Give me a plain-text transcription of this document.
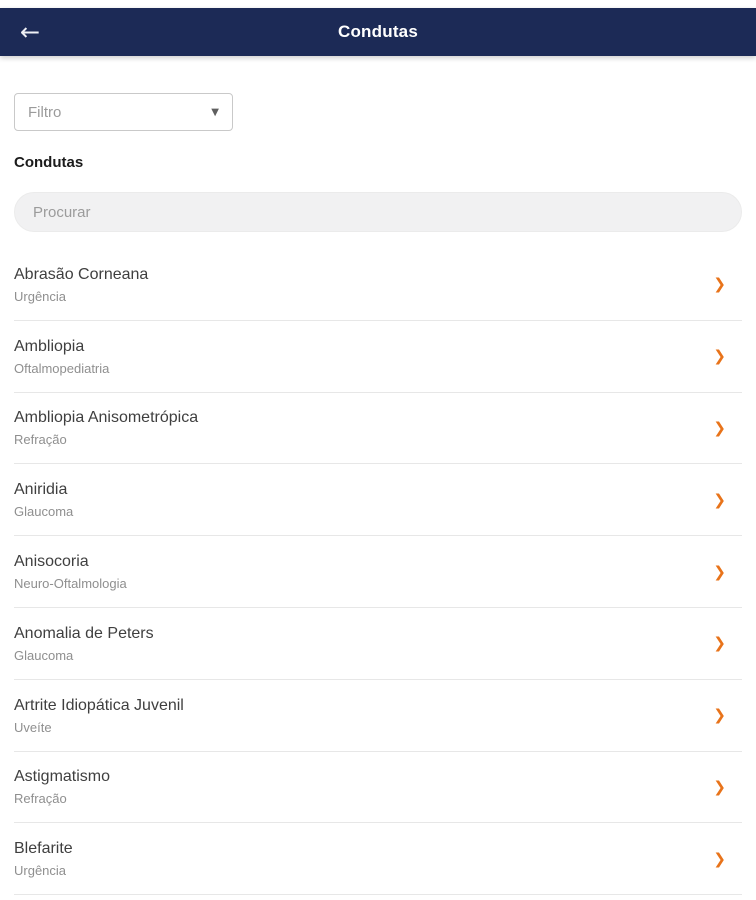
←	Condutas
Filtro	▼
Condutas
Procurar
Abrasão Corneana
Urgência
❯
Ambliopia
Oftalmopediatria
❯
Ambliopia Anisometrópica
Refração
❯
Aniridia
Glaucoma
❯
Anisocoria
Neuro-Oftalmologia
❯
Anomalia de Peters
Glaucoma
❯
Artrite Idiopática Juvenil
Uveíte
❯
Astigmatismo
Refração
❯
Blefarite
Urgência
❯
